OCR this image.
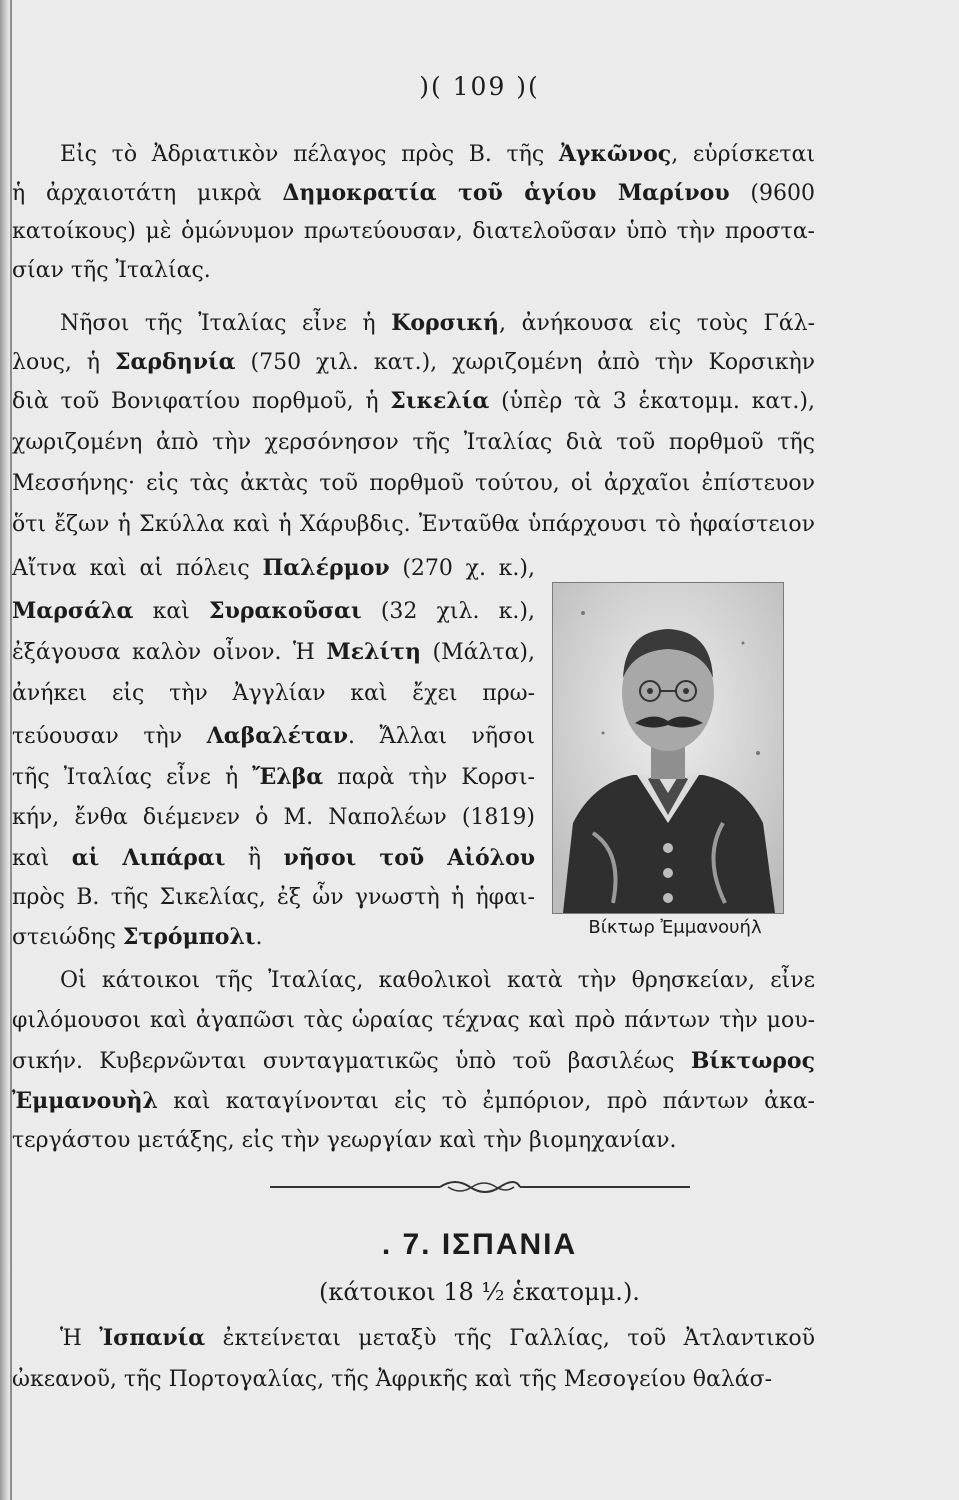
)( 109 )(
Εἰς τὸ Ἀδριατικὸν πέλαγος πρὸς Β. τῆς Ἀγκῶνος, εὑρίσκεται
ἡ ἀρχαιοτάτη μικρὰ Δημοκρατία τοῦ ἁγίου Μαρίνου (9600
κατοίκους) μὲ ὁμώνυμον πρωτεύουσαν, διατελοῦσαν ὑπὸ τὴν προστα-
σίαν τῆς Ἰταλίας.
Νῆσοι τῆς Ἰταλίας εἶνε ἡ Κορσική, ἀνήκουσα εἰς τοὺς Γάλ-
λους, ἡ Σαρδηνία (750 χιλ. κατ.), χωριζομένη ἀπὸ τὴν Κορσικὴν
διὰ τοῦ Βονιφατίου πορθμοῦ, ἡ Σικελία (ὑπὲρ τὰ 3 ἑκατομμ. κατ.),
χωριζομένη ἀπὸ τὴν χερσόνησον τῆς Ἰταλίας διὰ τοῦ πορθμοῦ τῆς
Μεσσήνης· εἰς τὰς ἀκτὰς τοῦ πορθμοῦ τούτου, οἱ ἀρχαῖοι ἐπίστευον
ὅτι ἔζων ἡ Σκύλλα καὶ ἡ Χάρυβδις. Ἐνταῦθα ὑπάρχουσι τὸ ἡφαίστειον
Αἴτνα καὶ αἱ πόλεις Παλέρμον (270 χ. κ.),
Μαρσάλα καὶ Συρακοῦσαι (32 χιλ. κ.),
ἐξάγουσα καλὸν οἶνον. Ἡ Μελίτη (Μάλτα),
ἀνήκει εἰς τὴν Ἀγγλίαν καὶ ἔχει πρω-
τεύουσαν τὴν Λαβαλέταν. Ἄλλαι νῆσοι
τῆς Ἰταλίας εἶνε ἡ Ἔλβα παρὰ τὴν Κορσι-
κήν, ἔνθα διέμενεν ὁ Μ. Ναπολέων (1819)
καὶ αἱ Λιπάραι ἢ νῆσοι τοῦ Αἰόλου
πρὸς Β. τῆς Σικελίας, ἐξ ὧν γνωστὴ ἡ ἡφαι-
στειώδης Στρόμπολι.	Βίκτωρ Ἐμμανουήλ
Οἱ κάτοικοι τῆς Ἰταλίας, καθολικοὶ κατὰ τὴν θρησκείαν, εἶνε
φιλόμουσοι καὶ ἀγαπῶσι τὰς ὡραίας τέχνας καὶ πρὸ πάντων τὴν μου-
σικήν. Κυβερνῶνται συνταγματικῶς ὑπὸ τοῦ βασιλέως Βίκτωρος
Ἐμμανουὴλ καὶ καταγίνονται εἰς τὸ ἐμπόριον, πρὸ πάντων ἀκα-
τεργάστου μετάξης, εἰς τὴν γεωργίαν καὶ τὴν βιομηχανίαν.
. 7. ΙΣΠΑΝΙΑ
(κάτοικοι 18 ½ ἑκατομμ.).
Ἡ Ἰσπανία ἐκτείνεται μεταξὺ τῆς Γαλλίας, τοῦ Ἀτλαντικοῦ
ὠκεανοῦ, τῆς Πορτογαλίας, τῆς Ἀφρικῆς καὶ τῆς Μεσογείου θαλάσ-
